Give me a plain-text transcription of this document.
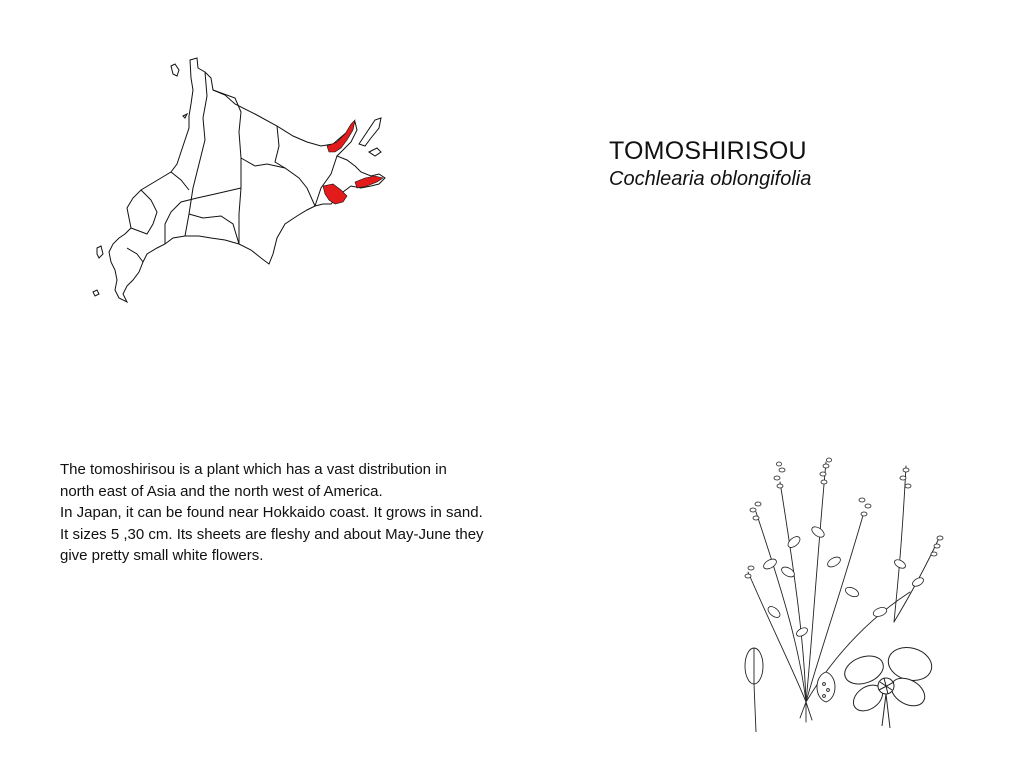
TOMOSHIRISOU
Cochlearia oblongifolia

The tomoshirisou is a plant which has a vast distribution in

north east of Asia and the north west of America.

In Japan, it can be found near Hokkaido coast. It grows in sand.

It sizes 5 ,30 cm. Its sheets are fleshy and about May-June they

give pretty small white flowers.
